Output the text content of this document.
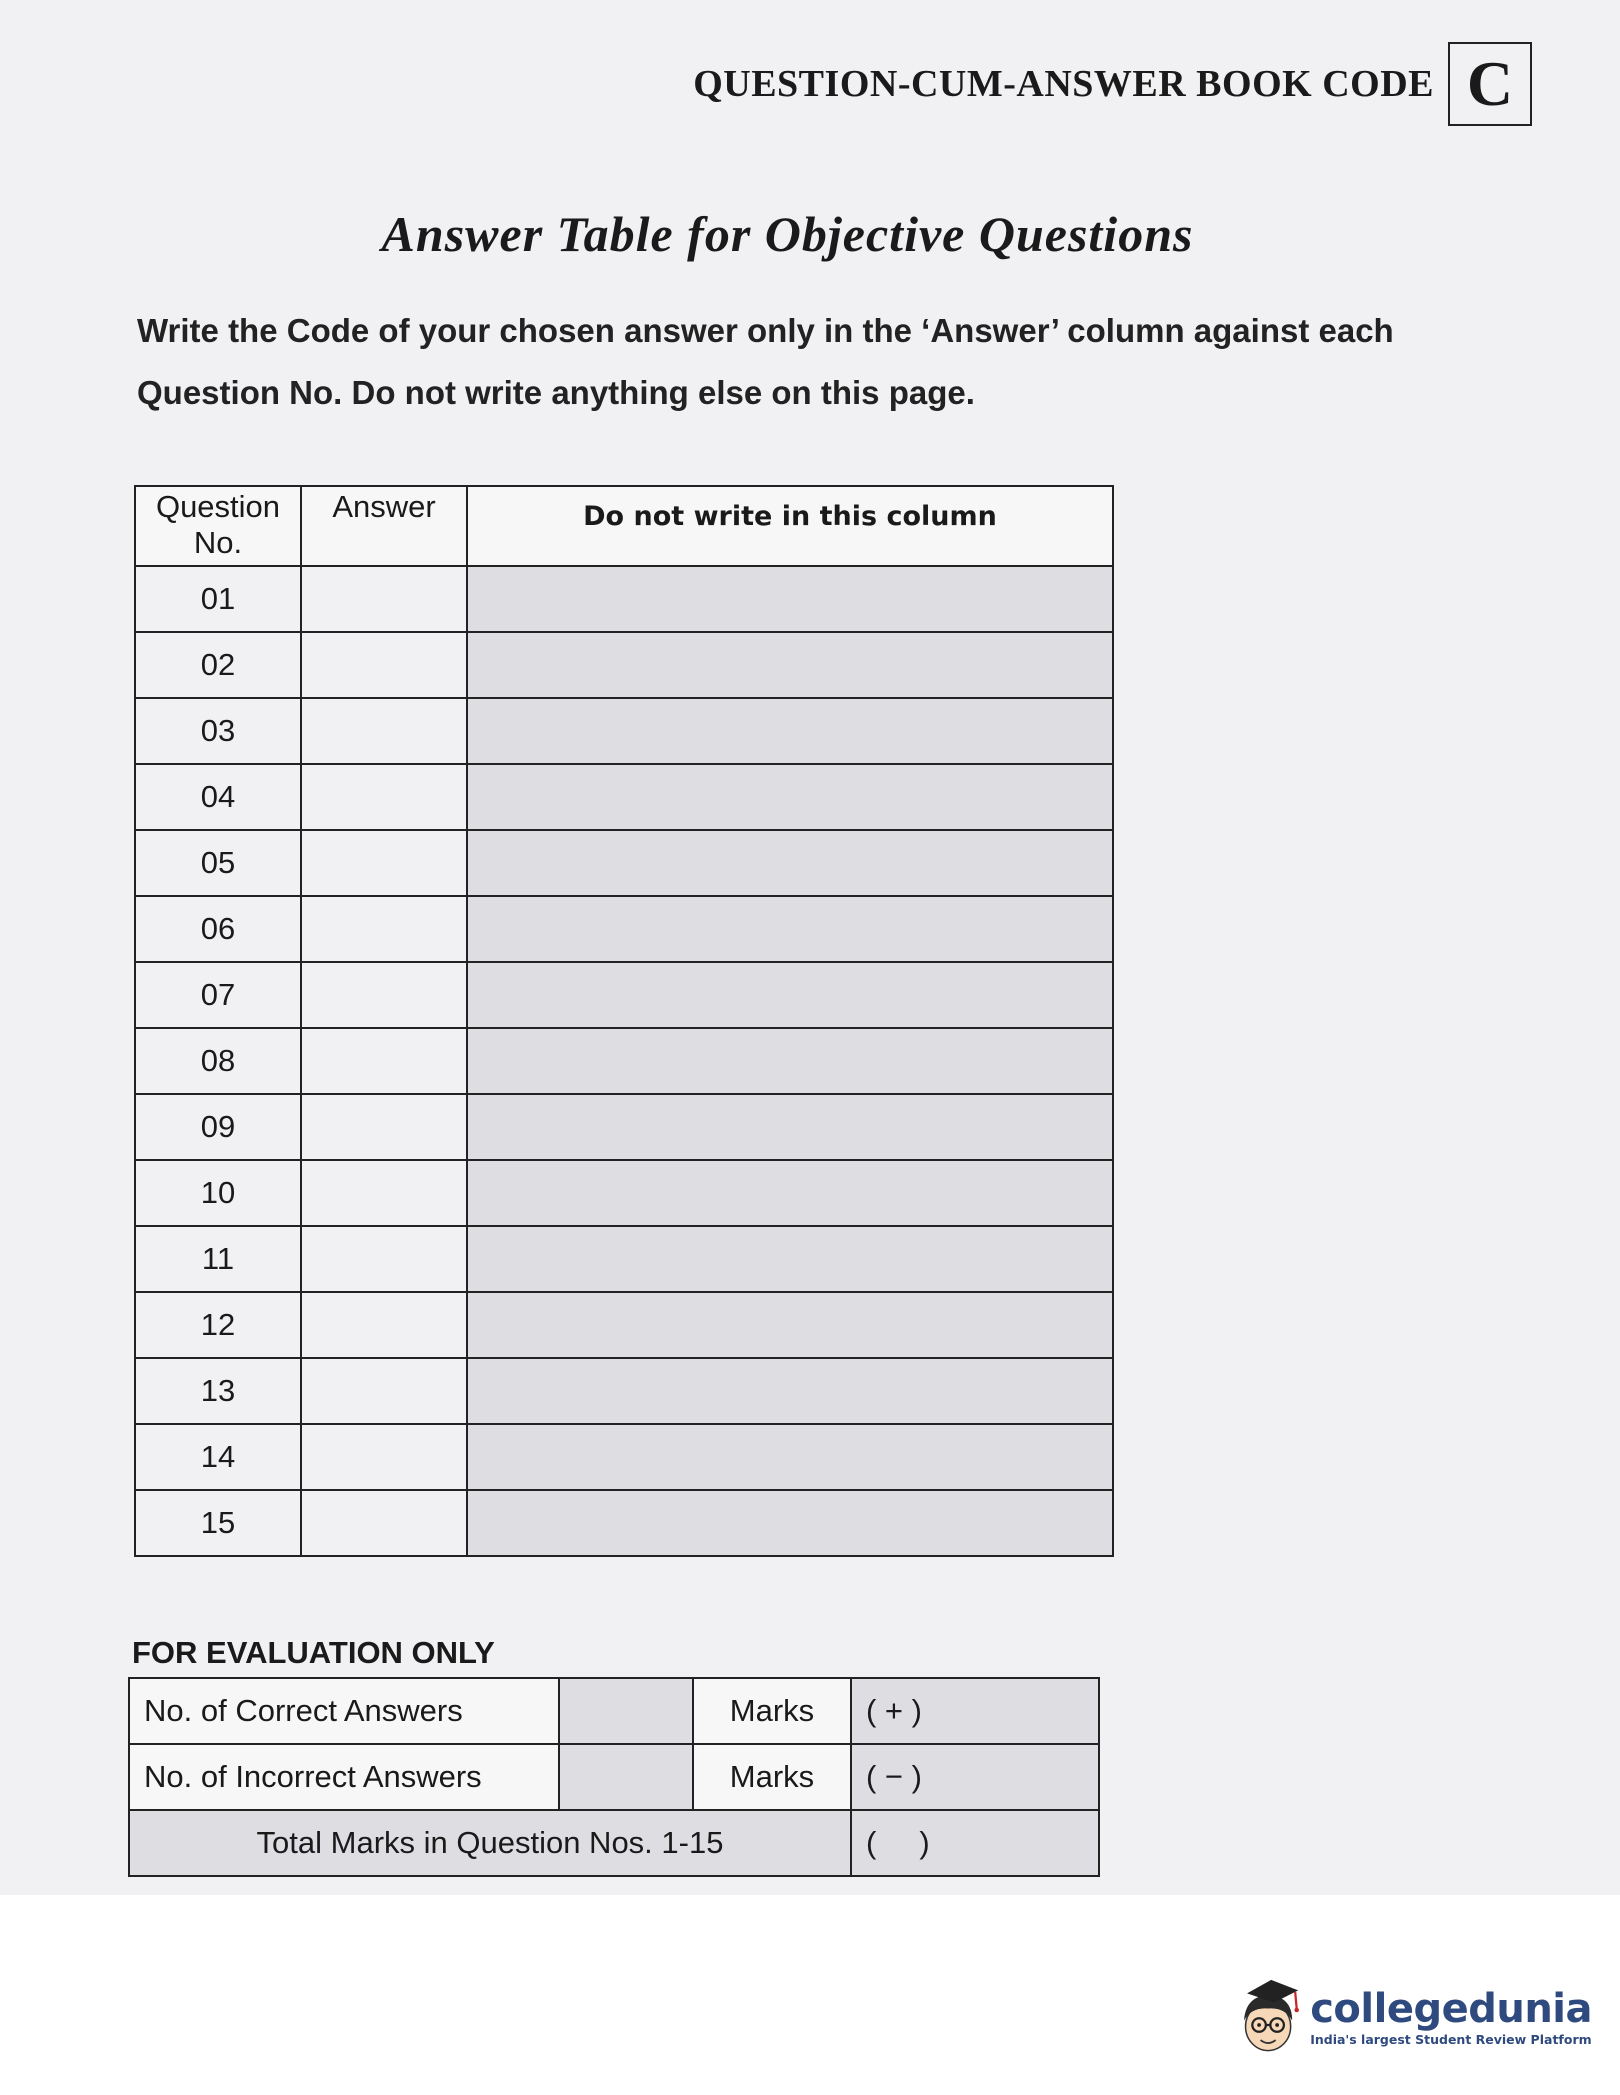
QUESTION-CUM-ANSWER BOOK CODE C
Answer Table for Objective Questions
Write the Code of your chosen answer only in the ‘Answer’ column against each Question No. Do not write anything else on this page.
Question No.	Answer	Do not write in this column
01		
02		
03		
04		
05		
06		
07		
08		
09		
10		
11		
12		
13		
14		
15		
FOR EVALUATION ONLY
No. of Correct Answers		Marks	( + )
No. of Incorrect Answers		Marks	( − )
Total Marks in Question Nos. 1-15			(     )
collegedunia
India's largest Student Review Platform
